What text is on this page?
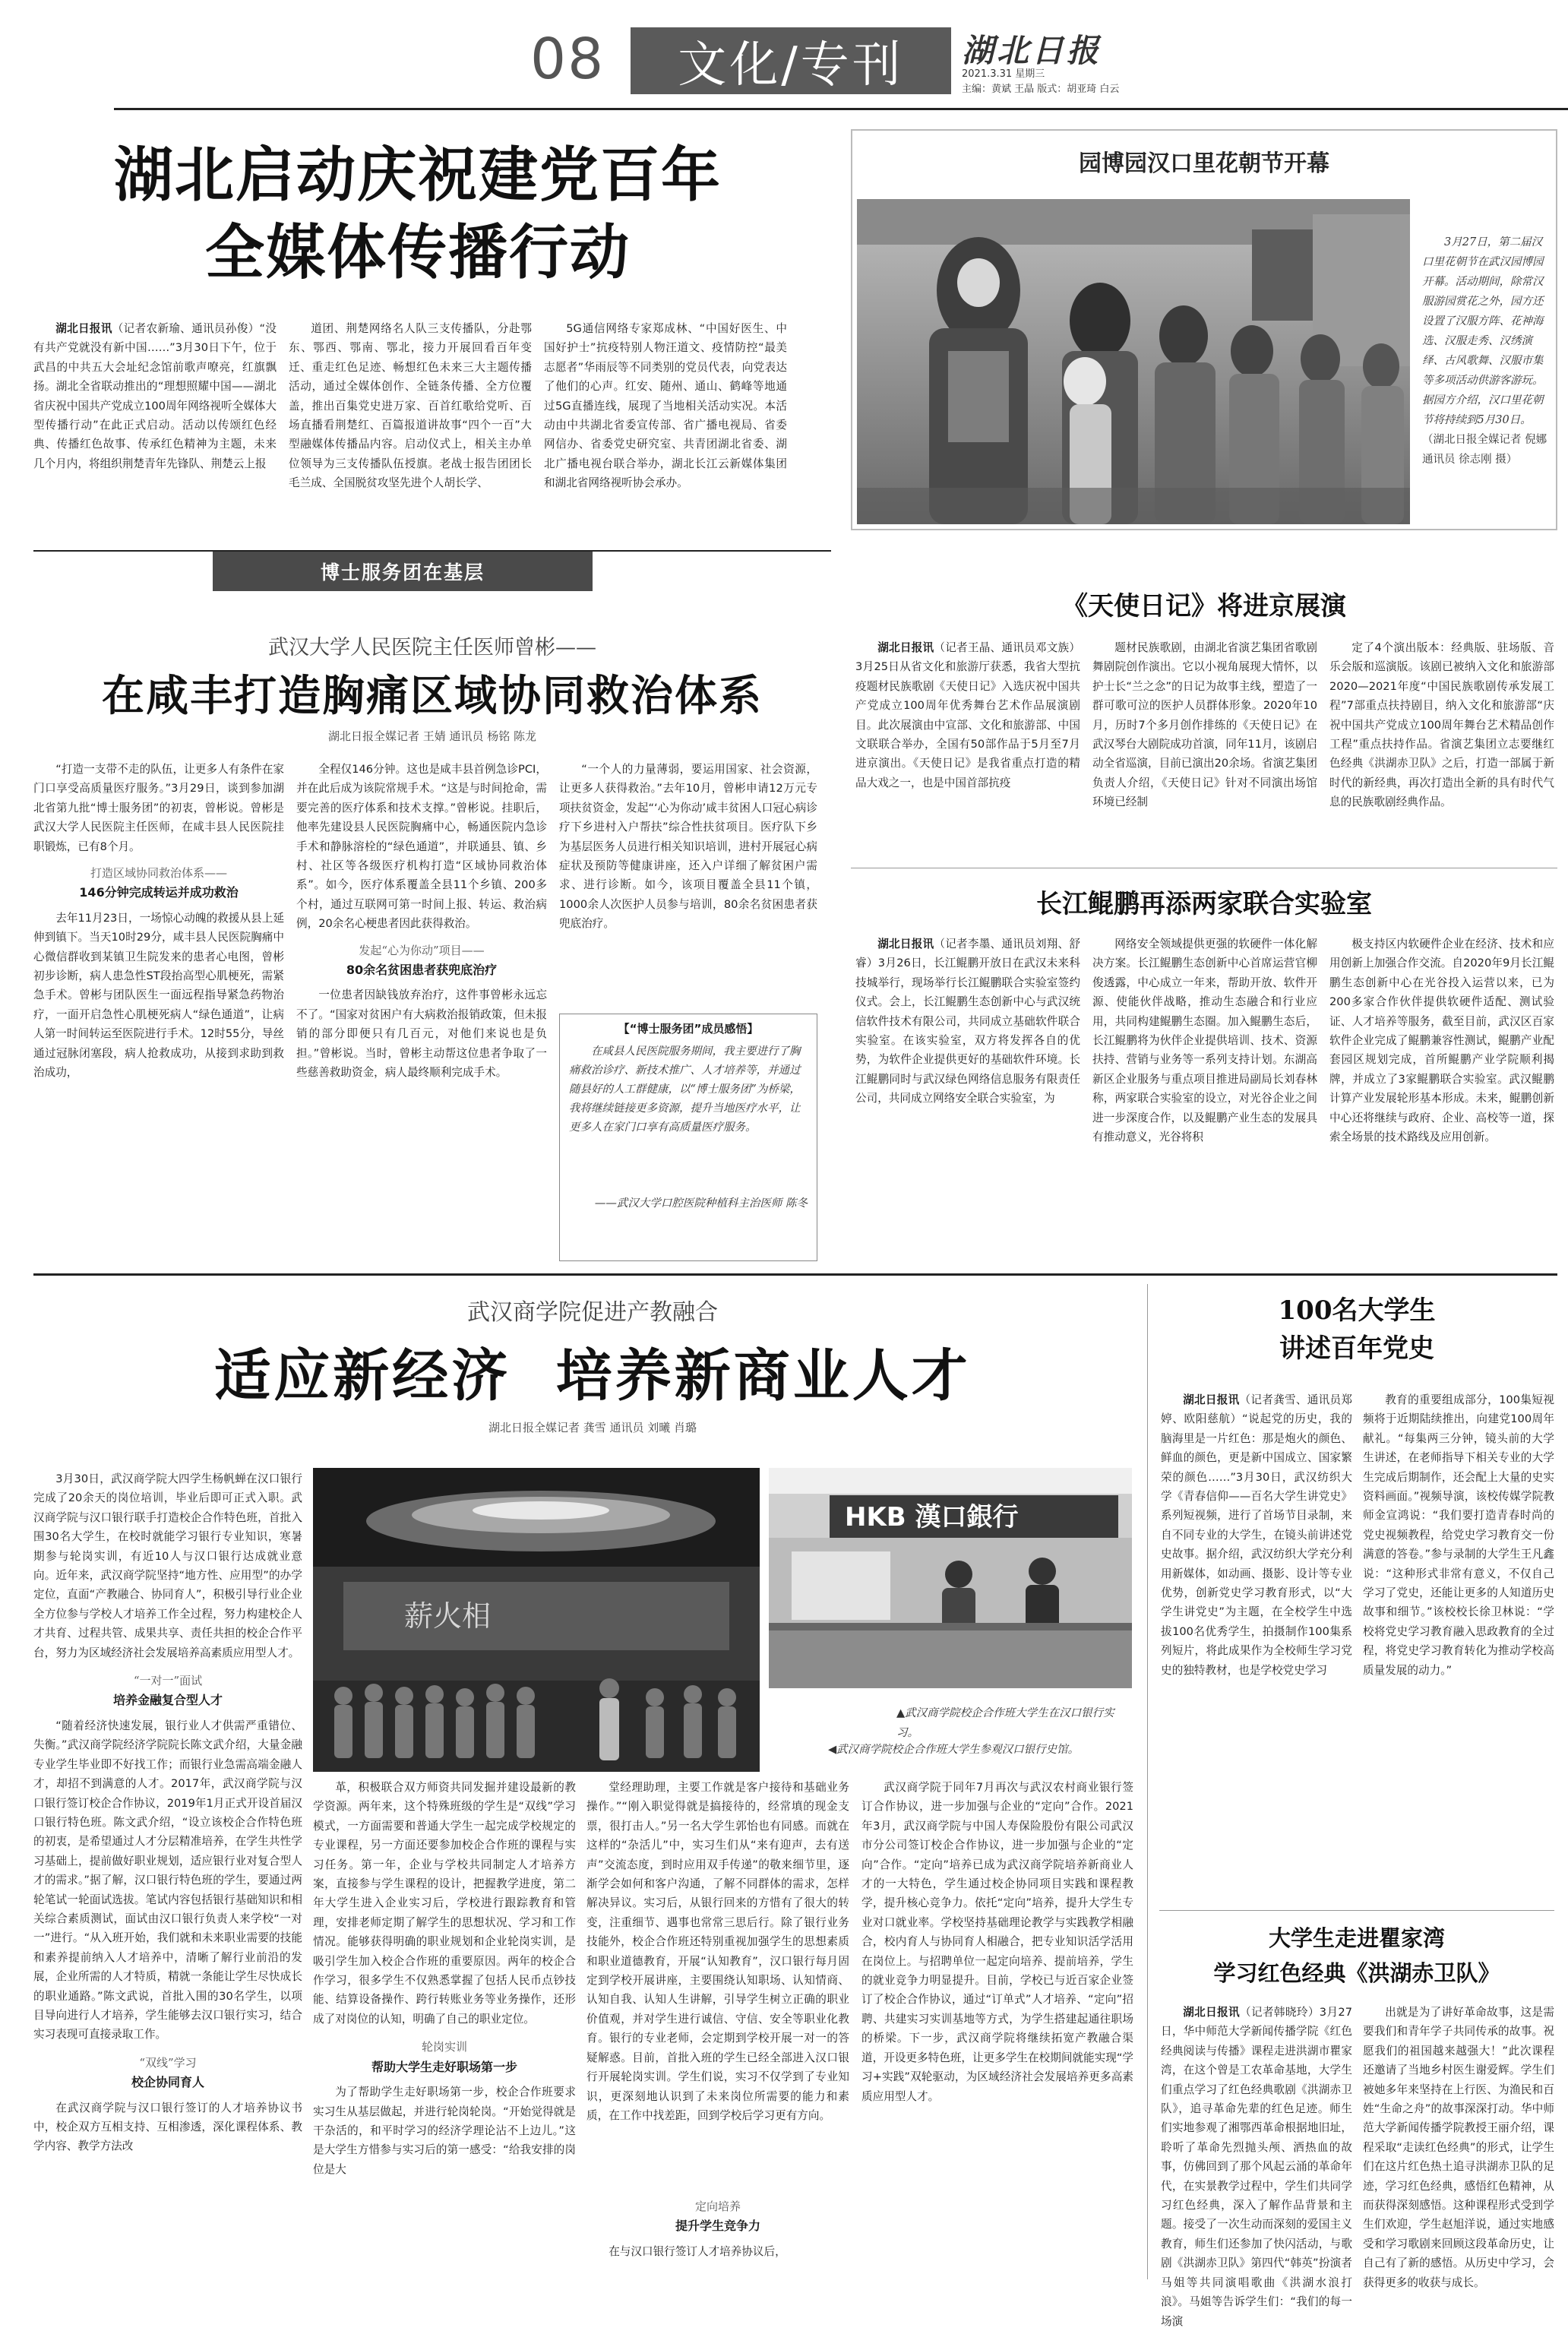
08 文化/专刊 湖北日报
2021.3.31 星期三
主编：黄斌 王晶 版式：胡亚琦 白云
湖北启动庆祝建党百年
全媒体传播行动

湖北日报讯（记者农新瑜、通讯员孙俊）“没有共产党就没有新中国……”3月30日下午，位于武昌的中共五大会址纪念馆前歌声嘹亮，红旗飘扬。湖北全省联动推出的“理想照耀中国——湖北省庆祝中国共产党成立100周年网络视听全媒体大型传播行动”在此正式启动。活动以传颂红色经典、传播红色故事、传承红色精神为主题，未来几个月内，将组织荆楚青年先锋队、荆楚云上报

道团、荆楚网络名人队三支传播队，分赴鄂东、鄂西、鄂南、鄂北，接力开展回看百年变迁、重走红色足迹、畅想红色未来三大主题传播活动，通过全媒体创作、全链条传播、全方位覆盖，推出百集党史进万家、百首红歌给党听、百场直播看荆楚红、百篇报道讲故事“四个一百”大型融媒体传播品内容。启动仪式上，相关主办单位领导为三支传播队伍授旗。老战士报告团团长毛兰成、全国脱贫攻坚先进个人胡长学、

5G通信网络专家郑成林、“中国好医生、中国好护士”抗疫特别人物汪道文、疫情防控“最美志愿者”华雨辰等不同类别的党员代表，向党表达了他们的心声。红安、随州、通山、鹤峰等地通过5G直播连线，展现了当地相关活动实况。本活动由中共湖北省委宣传部、省广播电视局、省委网信办、省委党史研究室、共青团湖北省委、湖北广播电视台联合举办，湖北长江云新媒体集团和湖北省网络视听协会承办。

园博园汉口里花朝节开幕
3月27日，第二届汉口里花朝节在武汉园博园开幕。活动期间，除常汉服游园赏花之外，园方还设置了汉服方阵、花神海选、汉服走秀、汉绣演绎、古风歌舞、汉服市集等多项活动供游客游玩。据园方介绍，汉口里花朝节将持续到5月30日。
（湖北日报全媒记者 倪娜 通讯员 徐志刚 摄）
博士服务团在基层
武汉大学人民医院主任医师曾彬——
在咸丰打造胸痛区域协同救治体系
湖北日报全媒记者 王婧 通讯员 杨铭 陈龙

“打造一支带不走的队伍，让更多人有条件在家门口享受高质量医疗服务。”3月29日，谈到参加湖北省第九批“博士服务团”的初衷，曾彬说。曾彬是武汉大学人民医院主任医师，在咸丰县人民医院挂职锻炼，已有8个月。

打造区域协同救治体系——
146分钟完成转运并成功救治

去年11月23日，一场惊心动魄的救援从县上延伸到镇下。当天10时29分，咸丰县人民医院胸痛中心微信群收到某镇卫生院发来的患者心电图，曾彬初步诊断，病人患急性ST段抬高型心肌梗死，需紧急手术。曾彬与团队医生一面远程指导紧急药物治疗，一面开启急性心肌梗死病人“绿色通道”，让病人第一时间转运至医院进行手术。12时55分，导丝通过冠脉闭塞段，病人抢救成功，从接到求助到救治成功，

全程仅146分钟。这也是咸丰县首例急诊PCI，并在此后成为该院常规手术。“这是与时间抢命，需要完善的医疗体系和技术支撑。”曾彬说。挂职后，他率先建设县人民医院胸痛中心，畅通医院内急诊手术和静脉溶栓的“绿色通道”，并联通县、镇、乡村、社区等各级医疗机构打造“区域协同救治体系”。如今，医疗体系覆盖全县11个乡镇、200多个村，通过互联网可第一时间上报、转运、救治病例，20余名心梗患者因此获得救治。

发起“心为你动”项目——
80余名贫困患者获兜底治疗

一位患者因缺钱放弃治疗，这件事曾彬永远忘不了。“国家对贫困户有大病救治报销政策，但未报销的部分即便只有几百元，对他们来说也是负担。”曾彬说。当时，曾彬主动帮这位患者争取了一些慈善救助资金，病人最终顺利完成手术。

“一个人的力量薄弱，要运用国家、社会资源，让更多人获得救治。”去年10月，曾彬申请12万元专项扶贫资金，发起“‘心为你动’咸丰贫困人口冠心病诊疗下乡进村入户帮扶”综合性扶贫项目。医疗队下乡为基层医务人员进行相关知识培训，进村开展冠心病症状及预防等健康讲座，还入户详细了解贫困户需求、进行诊断。如今，该项目覆盖全县11个镇，1000余人次医护人员参与培训，80余名贫困患者获兜底治疗。

【“博士服务团”成员感悟】
在咸县人民医院服务期间，我主要进行了胸痛救治诊疗、新技术推广、人才培养等，并通过随县好的人工群健康，以“博士服务团”为桥梁，我将继续链接更多资源，提升当地医疗水平，让更多人在家门口享有高质量医疗服务。
——武汉大学口腔医院种植科主治医师 陈冬
《天使日记》将进京展演

湖北日报讯（记者王晶、通讯员邓文族）3月25日从省文化和旅游厅获悉，我省大型抗疫题材民族歌剧《天使日记》入选庆祝中国共产党成立100周年优秀舞台艺术作品展演剧目。此次展演由中宣部、文化和旅游部、中国文联联合举办，全国有50部作品于5月至7月进京演出。《天使日记》是我省重点打造的精品大戏之一，也是中国首部抗疫

题材民族歌剧，由湖北省演艺集团省歌剧舞剧院创作演出。它以小视角展现大情怀，以护士长“兰之念”的日记为故事主线，塑造了一群可歌可泣的医护人员群体形象。2020年10月，历时7个多月创作排练的《天使日记》在武汉琴台大剧院成功首演，同年11月，该剧启动全省巡演，目前已演出20余场。省演艺集团负责人介绍，《天使日记》针对不同演出场馆环境已经制

定了4个演出版本：经典版、驻场版、音乐会版和巡演版。该剧已被纳入文化和旅游部2020—2021年度“中国民族歌剧传承发展工程”7部重点扶持剧目，纳入文化和旅游部“庆祝中国共产党成立100周年舞台艺术精品创作工程”重点扶持作品。省演艺集团立志要继红色经典《洪湖赤卫队》之后，打造一部属于新时代的新经典，再次打造出全新的具有时代气息的民族歌剧经典作品。

长江鲲鹏再添两家联合实验室

湖北日报讯（记者李墨、通讯员刘翔、舒睿）3月26日，长江鲲鹏开放日在武汉未来科技城举行，现场举行长江鲲鹏联合实验室签约仪式。会上，长江鲲鹏生态创新中心与武汉统信软件技术有限公司，共同成立基础软件联合实验室。在该实验室，双方将发挥各自的优势，为软件企业提供更好的基础软件环境。长江鲲鹏同时与武汉绿色网络信息服务有限责任公司，共同成立网络安全联合实验室，为

网络安全领域提供更强的软硬件一体化解决方案。长江鲲鹏生态创新中心首席运营官柳俊透露，中心成立一年来，帮助开放、软件开源、使能伙伴战略，推动生态融合和行业应用，共同构建鲲鹏生态圈。加入鲲鹏生态后，长江鲲鹏将为伙伴企业提供培训、技术、资源扶持、营销与业务等一系列支持计划。东湖高新区企业服务与重点项目推进局副局长刘春林称，两家联合实验室的设立，对光谷企业之间进一步深度合作，以及鲲鹏产业生态的发展具有推动意义，光谷将积

极支持区内软硬件企业在经济、技术和应用创新上加强合作交流。自2020年9月长江鲲鹏生态创新中心在光谷投入运营以来，已为200多家合作伙伴提供软硬件适配、测试验证、人才培养等服务，截至目前，武汉区百家软件企业完成了鲲鹏兼容性测试，鲲鹏产业配套园区规划完成，首所鲲鹏产业学院顺利揭牌，并成立了3家鲲鹏联合实验室。武汉鲲鹏计算产业发展轮形基本形成。未来，鲲鹏创新中心还将继续与政府、企业、高校等一道，探索全场景的技术路线及应用创新。

武汉商学院促进产教融合
适应新经济  培养新商业人才
湖北日报全媒记者 龚雪 通讯员 刘曦 肖璐

3月30日，武汉商学院大四学生杨帆蝉在汉口银行完成了20余天的岗位培训，毕业后即可正式入职。武汉商学院与汉口银行联手打造校企合作特色班，首批入围30名大学生，在校时就能学习银行专业知识，寒暑期参与轮岗实训，有近10人与汉口银行达成就业意向。近年来，武汉商学院坚持“地方性、应用型”的办学定位，直面“产教融合、协同育人”，积极引导行业企业全方位参与学校人才培养工作全过程，努力构建校企人才共育、过程共管、成果共享、责任共担的校企合作平台，努力为区域经济社会发展培养高素质应用型人才。

“一对一”面试
培养金融复合型人才

“随着经济快速发展，银行业人才供需严重错位、失衡。”武汉商学院经济学院院长陈文武介绍，大量金融专业学生毕业即不好找工作；而银行业急需高端金融人才，却招不到满意的人才。2017年，武汉商学院与汉口银行签订校企合作协议，2019年1月正式开设首届汉口银行特色班。陈文武介绍，“设立该校企合作特色班的初衷，是希望通过人才分层精准培养，在学生共性学习基础上，提前做好职业规划，适应银行业对复合型人才的需求。”据了解，汉口银行特色班的学生，要通过两轮笔试一轮面试选拔。笔试内容包括银行基础知识和相关综合素质测试，面试由汉口银行负责人来学校“一对一”进行。“从入班开始，我们就和未来职业需要的技能和素养提前纳入人才培养中，清晰了解行业前沿的发展，企业所需的人才特质，精就一条能让学生尽快成长的职业通路。”陈文武说，首批入围的30名学生，以项目导向进行人才培养，学生能够去汉口银行实习，结合实习表现可直接录取工作。

“双线”学习
校企协同育人

在武汉商学院与汉口银行签订的人才培养协议书中，校企双方互相支持、互相渗透，深化课程体系、教学内容、教学方法改

薪火相
HKB 漢口銀行
▲武汉商学院校企合作班大学生在汉口银行实习。
◀武汉商学院校企合作班大学生参观汉口银行史馆。

革，积极联合双方师资共同发掘并建设最新的教学资源。两年来，这个特殊班级的学生是“双线”学习模式，一方面需要和普通大学生一起完成学校规定的专业课程，另一方面还要参加校企合作班的课程与实习任务。第一年，企业与学校共同制定人才培养方案，直接参与学生课程的设计，把握教学进度，第二年大学生进入企业实习后，学校进行跟踪教育和管理，安排老师定期了解学生的思想状况、学习和工作情况。能够获得明确的职业规划和企业轮岗实训，是吸引学生加入校企合作班的重要原因。两年的校企合作学习，很多学生不仅熟悉掌握了包括人民币点钞技能、结算设备操作、跨行转账业务等业务操作，还形成了对岗位的认知，明确了自己的职业定位。

轮岗实训
帮助大学生走好职场第一步

为了帮助学生走好职场第一步，校企合作班要求实习生从基层做起，并进行轮岗轮岗。“开始觉得就是干杂活的，和平时学习的经济学理论沾不上边儿。”这是大学生方惜参与实习后的第一感受：“给我安排的岗位是大

堂经理助理，主要工作就是客户接待和基础业务操作。”“刚入职觉得就是搞接待的，经常填的现金支票，很打击人。”另一名大学生郭怡也有同感。而就在这样的“杂活儿”中，实习生们从“来有迎声，去有送声”交流态度，到时应用双手传递”的敬来细节里，逐渐学会如何和客户沟通，了解不同群体的需求，怎样解决异议。实习后，从银行回来的方惜有了很大的转变，注重细节、遇事也常常三思后行。除了银行业务技能外，校企合作班还特别重视加强学生的思想素质和职业道德教育，开展“认知教育”，汉口银行每月固定到学校开展讲座，主要围绕认知职场、认知情商、认知自我、认知人生讲解，引导学生树立正确的职业价值观，并对学生进行诚信、守信、安全等职业化教育。银行的专业老师，会定期到学校开展一对一的答疑解惑。目前，首批入班的学生已经全部进入汉口银行开展轮岗实训。学生们说，实习不仅学到了专业知识，更深刻地认识到了未来岗位所需要的能力和素质，在工作中找差距，回到学校后学习更有方向。

定向培养
提升学生竞争力

在与汉口银行签订人才培养协议后，

武汉商学院于同年7月再次与武汉农村商业银行签订合作协议，进一步加强与企业的“定向”合作。2021年3月，武汉商学院与中国人寿保险股份有限公司武汉市分公司签订校企合作协议，进一步加强与企业的“定向”合作。“定向”培养已成为武汉商学院培养新商业人才的一大特色，学生通过校企协同项目实践和课程教学，提升核心竞争力。依托“定向”培养，提升大学生专业对口就业率。学校坚持基础理论教学与实践教学相融合，校内育人与协同育人相融合，把专业知识活学活用在岗位上。与招聘单位一起定向培养、提前培养，学生的就业竞争力明显提升。目前，学校已与近百家企业签订了校企合作协议，通过“订单式”人才培养、“定向”招聘、共建实习实训基地等方式，为学生搭建起通往职场的桥梁。下一步，武汉商学院将继续拓宽产教融合渠道，开设更多特色班，让更多学生在校期间就能实现“学习+实践”双轮驱动，为区域经济社会发展培养更多高素质应用型人才。

100名大学生
讲述百年党史

湖北日报讯（记者龚雪、通讯员郑婷、欧阳慈航）“说起党的历史，我的脑海里是一片红色：那是炮火的颜色、鲜血的颜色，更是新中国成立、国家繁荣的颜色……”3月30日，武汉纺织大学《青春信仰——百名大学生讲党史》系列短视频，进行了首场节目录制，来自不同专业的大学生，在镜头前讲述党史故事。据介绍，武汉纺织大学充分利用新媒体，如动画、摄影、设计等专业优势，创新党史学习教育形式，以“大学生讲党史”为主题，在全校学生中选拔100名优秀学生，拍摄制作100集系列短片，将此成果作为全校师生学习党史的独特教材，也是学校党史学习

教育的重要组成部分，100集短视频将于近期陆续推出，向建党100周年献礼。“每集两三分钟，镜头前的大学生讲述，在老师指导下相关专业的大学生完成后期制作，还会配上大量的史实资料画面。”视频导演，该校传媒学院教师金宣鸿说：“我们要打造青春时尚的党史视频教程，给党史学习教育交一份满意的答卷。”参与录制的大学生王凡鑫说：“这种形式非常有意义，不仅自己学习了党史，还能让更多的人知道历史故事和细节。”该校校长徐卫林说：“学校将党史学习教育融入思政教育的全过程，将党史学习教育转化为推动学校高质量发展的动力。”

大学生走进瞿家湾
学习红色经典《洪湖赤卫队》

湖北日报讯（记者韩晓玲）3月27日，华中师范大学新闻传播学院《红色经典阅读与传播》课程走进洪湖市瞿家湾，在这个曾是工农革命基地，大学生们重点学习了红色经典歌剧《洪湖赤卫队》，追寻革命先辈的红色足迹。师生们实地参观了湘鄂西革命根据地旧址，聆听了革命先烈抛头颅、洒热血的故事，仿佛回到了那个风起云涌的革命年代，在实景教学过程中，学生们共同学习红色经典，深入了解作品背景和主题。接受了一次生动而深刻的爱国主义教育，师生们还参加了快闪活动，与歌剧《洪湖赤卫队》第四代“韩英”扮演者马姐等共同演唱歌曲《洪湖水浪打浪》。马姐等告诉学生们：“我们的每一场演

出就是为了讲好革命故事，这是需要我们和青年学子共同传承的故事。祝愿我们的祖国越来越强大！”此次课程还邀请了当地乡村医生谢爱辉。学生们被她多年来坚持在上行医、为渔民和百姓“生命之舟”的故事深深打动。华中师范大学新闻传播学院教授王丽介绍，课程采取“走读红色经典”的形式，让学生们在这片红色热土追寻洪湖赤卫队的足迹，学习红色经典，感悟红色精神，从而获得深刻感悟。这种课程形式受到学生们欢迎，学生赵旭洋说，通过实地感受和学习歌剧来回顾这段革命历史，让自己有了新的感悟。从历史中学习，会获得更多的收获与成长。
